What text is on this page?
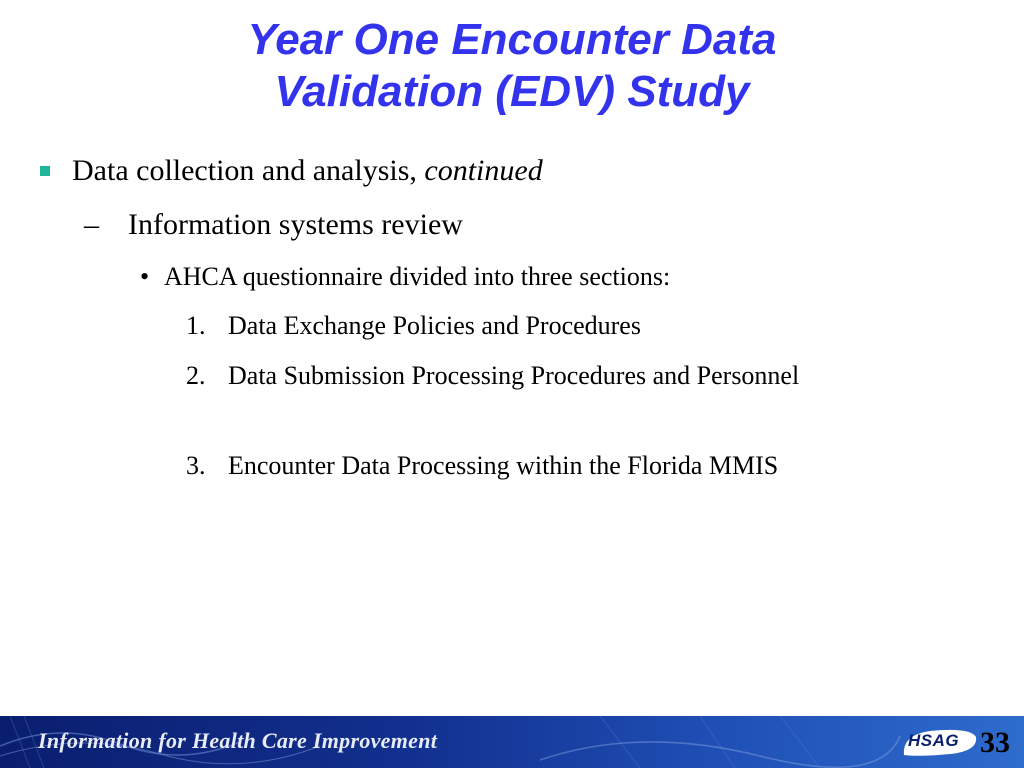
Year One Encounter Data
Validation (EDV) Study
Data collection and analysis, continued
– Information systems review
• AHCA questionnaire divided into three sections:
1. Data Exchange Policies and Procedures
2. Data Submission Processing Procedures and Personnel
3. Encounter Data Processing within the Florida MMIS
Information for Health Care Improvement	HSAG 33
